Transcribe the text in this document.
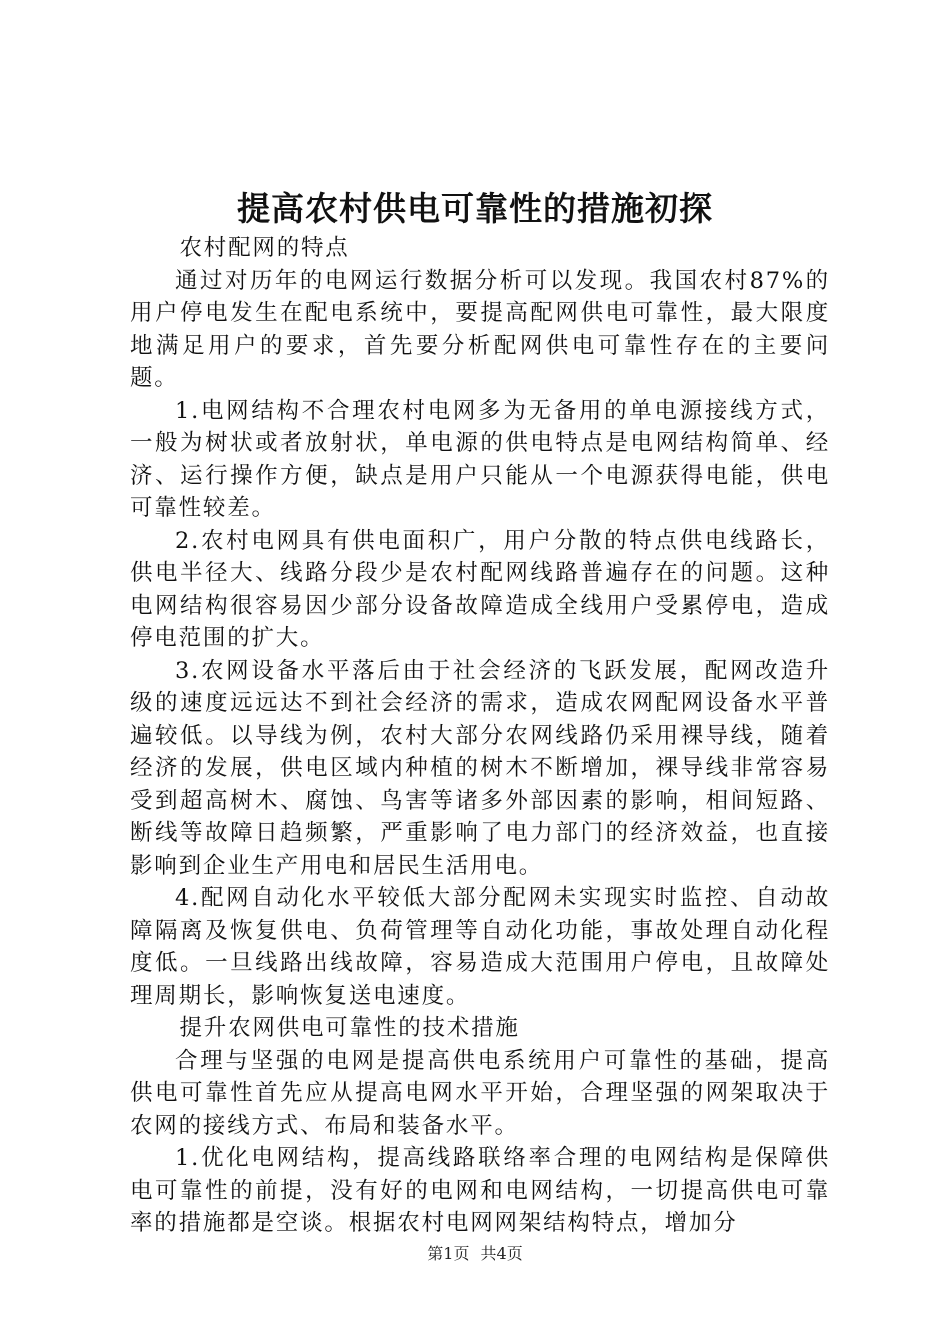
提高农村供电可靠性的措施初探

农村配网的特点

通过对历年的电网运行数据分析可以发现。我国农村87%的用户停电发生在配电系统中，要提高配网供电可靠性，最大限度地满足用户的要求，首先要分析配网供电可靠性存在的主要问题。

1.电网结构不合理农村电网多为无备用的单电源接线方式，一般为树状或者放射状，单电源的供电特点是电网结构简单、经济、运行操作方便，缺点是用户只能从一个电源获得电能，供电可靠性较差。

2.农村电网具有供电面积广，用户分散的特点供电线路长，供电半径大、线路分段少是农村配网线路普遍存在的问题。这种电网结构很容易因少部分设备故障造成全线用户受累停电，造成停电范围的扩大。

3.农网设备水平落后由于社会经济的飞跃发展，配网改造升级的速度远远达不到社会经济的需求，造成农网配网设备水平普遍较低。以导线为例，农村大部分农网线路仍采用裸导线，随着经济的发展，供电区域内种植的树木不断增加，裸导线非常容易受到超高树木、腐蚀、鸟害等诸多外部因素的影响，相间短路、断线等故障日趋频繁，严重影响了电力部门的经济效益，也直接影响到企业生产用电和居民生活用电。

4.配网自动化水平较低大部分配网未实现实时监控、自动故障隔离及恢复供电、负荷管理等自动化功能，事故处理自动化程度低。一旦线路出线故障，容易造成大范围用户停电，且故障处理周期长，影响恢复送电速度。

提升农网供电可靠性的技术措施

合理与坚强的电网是提高供电系统用户可靠性的基础，提高供电可靠性首先应从提高电网水平开始，合理坚强的网架取决于农网的接线方式、布局和装备水平。

1.优化电网结构，提高线路联络率合理的电网结构是保障供电可靠性的前提，没有好的电网和电网结构，一切提高供电可靠率的措施都是空谈。根据农村电网网架结构特点，增加分

第1页 共4页
